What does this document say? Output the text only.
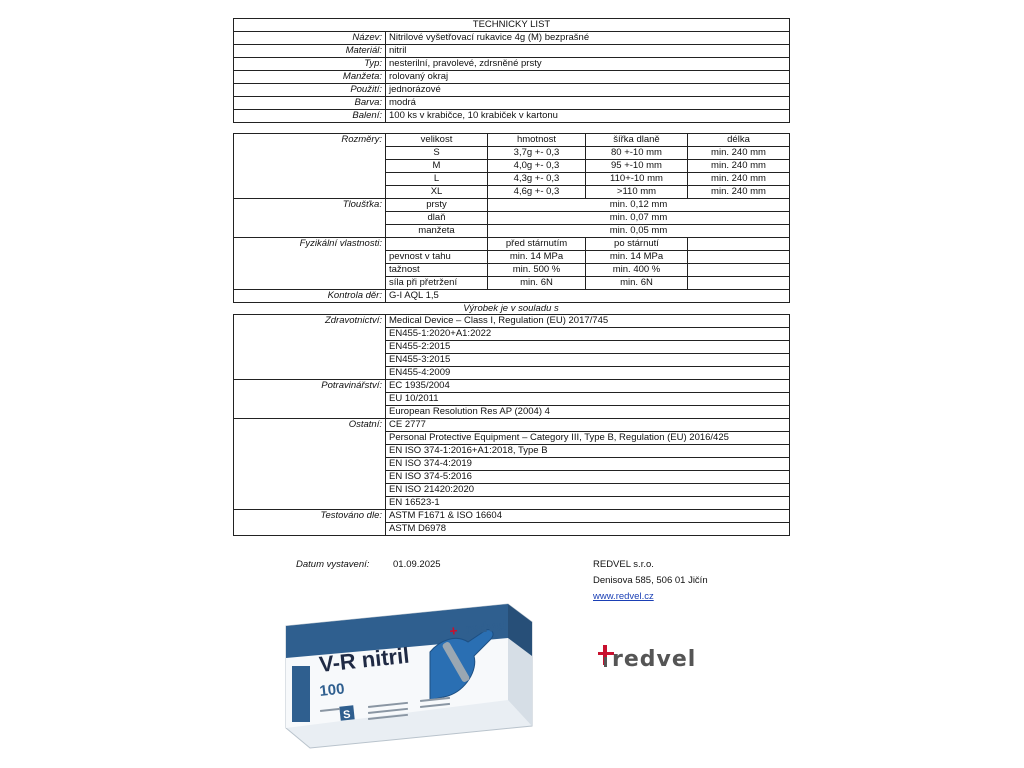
TECHNICKY LIST	
Název:	Nitrilové vyšetřovací rukavice 4g (M) bezprašné
Materiál:	nitril
Typ:	nesterilní, pravolevé, zdrsněné prsty
Manžeta:	rolovaný okraj
Použití:	jednorázové
Barva:	modrá
Balení:	100 ks v krabičce, 10 krabiček v kartonu
Rozměry:	velikost	hmotnost	šířka dlaně	délka
	S	3,7g +- 0,3	80 +-10 mm	min. 240 mm
	M	4,0g +- 0,3	95 +-10 mm	min. 240 mm
	L	4,3g +- 0,3	110+-10 mm	min. 240 mm
	XL	4,6g +- 0,3	>110 mm	min. 240 mm
Tloušťka:	prsty	min. 0,12 mm		
	dlaň	min. 0,07 mm		
	manžeta	min. 0,05 mm		
Fyzikální vlastnosti:		před stárnutím	po stárnutí	
	pevnost v tahu	min. 14 MPa	min. 14 MPa	
	tažnost	min. 500 %	min. 400 %	
	síla při přetržení	min. 6N	min. 6N	
Kontrola děr:	G-I AQL 1,5			
Výrobek je v souladu s
Zdravotnictví:	Medical Device – Class I, Regulation (EU) 2017/745
	EN455-1:2020+A1:2022
	EN455-2:2015
	EN455-3:2015
	EN455-4:2009
Potravinářství:	EC 1935/2004
	EU 10/2011
	European Resolution Res AP (2004) 4
Ostatní:	CE 2777
	Personal Protective Equipment – Category III, Type B, Regulation (EU) 2016/425
	EN ISO 374-1:2016+A1:2018, Type B
	EN ISO 374-4:2019
	EN ISO 374-5:2016
	EN ISO 21420:2020
	EN 16523-1
Testováno dle:	ASTM F1671 & ISO 16604
	ASTM D6978
Datum vystavení: 01.09.2025	REDVEL s.r.o.
Denisova 585, 506 01 Jičín
www.redvel.cz
V-R nitril
100
S
redvel
+
redvel
